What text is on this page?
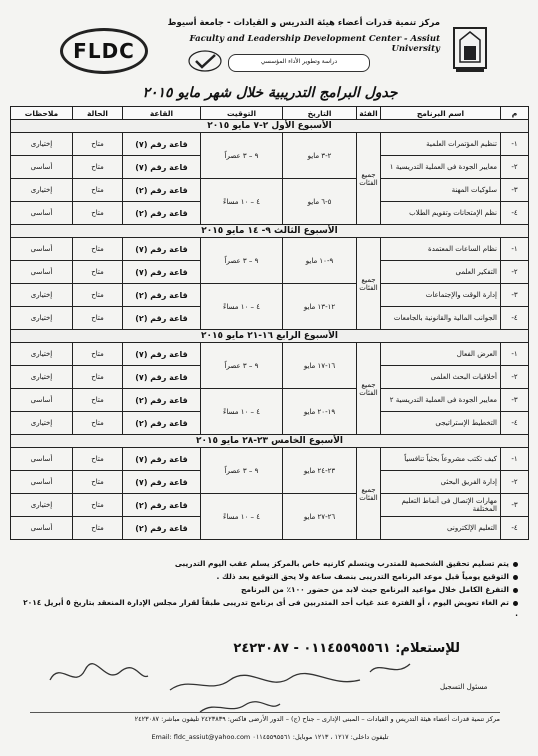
FLDC
مركز تنمية قدرات أعضاء هيئة التدريس و القيادات - جامعة أسيوط
Faculty and Leadership Development Center - Assiut University
دراسة وتطوير الأداء المؤسسي
جدول البرامج التدريبية خلال شهر مايو ٢٠١٥
م	اسم البرنامج	الفئة	التاريخ	التوقيت	القاعة	الحالة	ملاحظات
الأسبوع الأول ٢-٧ مايو ٢٠١٥							
١-	تنظيم المؤتمرات العلمية	جميع الفئات	٢-٣ مايو	٩ – ٣ عصراً	قاعة رقم (٧)	متاح	إختيارى
٢-	معايير الجودة فى العملية التدريسية ١				قاعة رقم (٧)	متاح	أساسى
٣-	سلوكيات المهنة		٥-٦ مايو	٤ – ١٠ مساءً	قاعة رقم (٢)	متاح	إختيارى
٤-	نظم الإمتحانات وتقويم الطلاب				قاعة رقم (٢)	متاح	أساسى
الأسبوع الثالث ٩- ١٤ مايو ٢٠١٥							
١-	نظام الساعات المعتمدة	جميع الفئات	٩-١٠ مايو	٩ – ٣ عصراً	قاعة رقم (٧)	متاح	أساسى
٢-	التفكير العلمى				قاعة رقم (٧)	متاح	أساسى
٣-	إدارة الوقت والإجتماعات		١٢-١٣ مايو	٤ – ١٠ مساءً	قاعة رقم (٢)	متاح	إختيارى
٤-	الجوانب المالية والقانونية بالجامعات				قاعة رقم (٢)	متاح	إختيارى
الأسبوع الرابع ١٦-٢١ مايو ٢٠١٥							
١-	العرض الفعال	جميع الفئات	١٦-١٧ مايو	٩ – ٣ عصراً	قاعة رقم (٧)	متاح	إختيارى
٢-	أخلاقيات البحث العلمى				قاعة رقم (٧)	متاح	إختيارى
٣-	معايير الجودة فى العملية التدريسية ٢		١٩-٢٠ مايو	٤ – ١٠ مساءً	قاعة رقم (٢)	متاح	أساسى
٤-	التخطيط الإستراتيجى				قاعة رقم (٢)	متاح	إختيارى
الأسبوع الخامس ٢٣-٢٨ مايو ٢٠١٥							
١-	كيف تكتب مشروعاً بحثياً تنافسياً	جميع الفئات	٢٣-٢٤ مايو	٩ – ٣ عصراً	قاعة رقم (٧)	متاح	أساسى
٢-	إدارة الفريق البحثى				قاعة رقم (٧)	متاح	أساسى
٣-	مهارات الإتصال فى أنماط التعليم المختلفة		٢٦-٢٧ مايو	٤ – ١٠ مساءً	قاعة رقم (٢)	متاح	إختيارى
٤-	التعليم الإلكترونى				قاعة رقم (٢)	متاح	أساسى
يتم تسليم تحقيق الشخصية للمتدرب ويتسلم كارنيه خاص بالمركز يسلم عقب اليوم التدريبى
التوقيع يومياً قبل موعد البرنامج التدريبى بنصف ساعة ولا يحق التوقيع بعد ذلك .
التفرغ الكامل خلال مواعيد البرنامج حيث لابد من حضور ١٠٠٪ من البرنامج
تم الغاء تعويض اليوم ، أو الفترة عند غياب أحد المتدربين فى أى برنامج تدريبى طبقاً لقرار مجلس الإدارة المنعقد بتاريخ ٥ أبريل ٢٠١٤ .
للإستعلام: ٠١١٤٥٥٩٥٥٦١ - ٢٤٢٣٠٨٧
مسئول التسجيل
مركز تنمية قدرات أعضاء هيئة التدريس و القيادات – المبنى الإدارى – جناح (ج) – الدور الأرضى فاكس: ٢٤٢٣٨٣٩ تليفون مباشر: ٢٤٢٣٠٨٧
Email: fldc_assiut@yahoo.com تليفون داخلى: ١٢١٧ ، ١٢١٣ موبايل: ٠١١٤٥٥٩٥٥٦١
